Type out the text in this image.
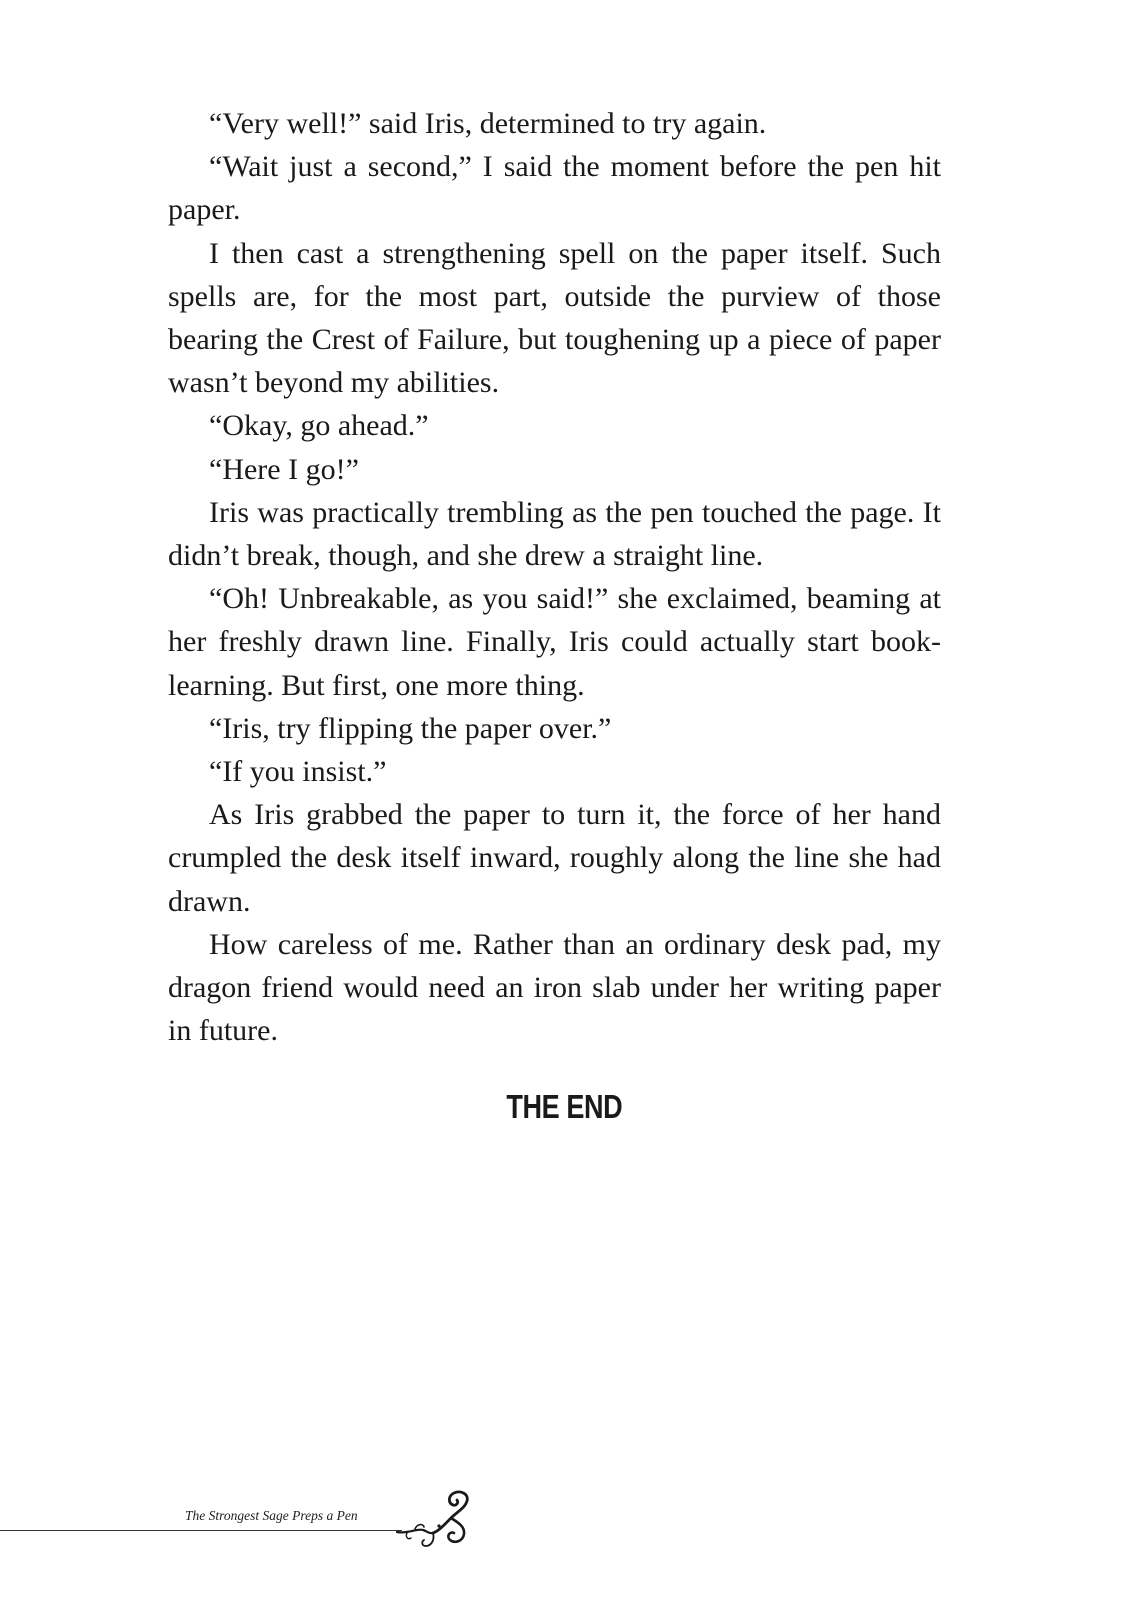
“Very well!” said Iris, determined to try again.

“Wait just a second,” I said the moment before the pen hit paper.

I then cast a strengthening spell on the paper itself. Such spells are, for the most part, outside the purview of those bearing the Crest of Failure, but toughening up a piece of paper wasn’t beyond my abilities.

“Okay, go ahead.”

“Here I go!”

Iris was practically trembling as the pen touched the page. It didn’t break, though, and she drew a straight line.

“Oh! Unbreakable, as you said!” she exclaimed, beaming at her freshly drawn line. Finally, Iris could actually start book-learning. But first, one more thing.

“Iris, try flipping the paper over.”

“If you insist.”

As Iris grabbed the paper to turn it, the force of her hand crumpled the desk itself inward, roughly along the line she had drawn.

How careless of me. Rather than an ordinary desk pad, my dragon friend would need an iron slab under her writing paper in future.

THE END
The Strongest Sage Preps a Pen
